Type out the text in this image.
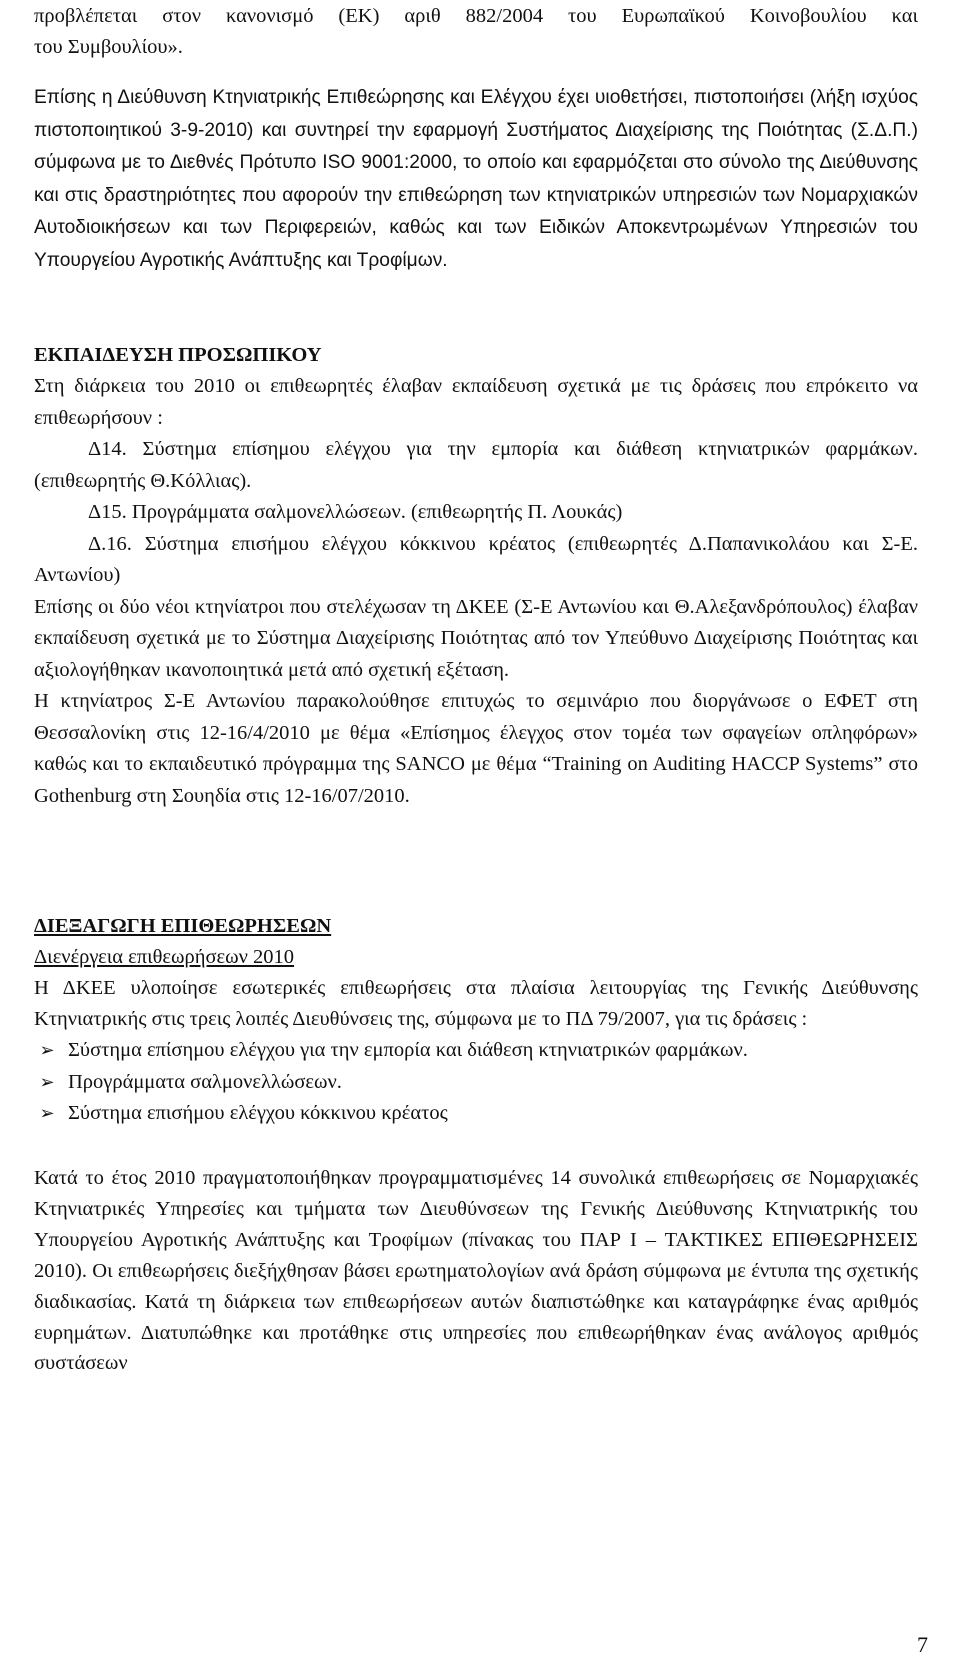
προβλέπεται στον κανονισμό (ΕΚ) αριθ 882/2004 του Ευρωπαϊκού Κοινοβουλίου και

του Συμβουλίου».

Επίσης η Διεύθυνση Κτηνιατρικής Επιθεώρησης και Ελέγχου έχει υιοθετήσει, πιστοποιήσει (λήξη ισχύος πιστοποιητικού 3-9-2010) και συντηρεί την εφαρμογή Συστήματος Διαχείρισης της Ποιότητας (Σ.Δ.Π.) σύμφωνα με το Διεθνές Πρότυπο ISO 9001:2000, το οποίο και εφαρμόζεται στο σύνολο της Διεύθυνσης και στις δραστηριότητες που αφορούν την επιθεώρηση των κτηνιατρικών υπηρεσιών των Νομαρχιακών Αυτοδιοικήσεων και των Περιφερειών, καθώς και των Ειδικών Αποκεντρωμένων Υπηρεσιών του Υπουργείου Αγροτικής Ανάπτυξης και Τροφίμων.

ΕΚΠΑΙΔΕΥΣΗ ΠΡΟΣΩΠΙΚΟΥ

Στη διάρκεια του 2010 οι επιθεωρητές έλαβαν εκπαίδευση σχετικά με τις δράσεις που επρόκειτο να επιθεωρήσουν :

Δ14. Σύστημα επίσημου ελέγχου για την εμπορία και διάθεση κτηνιατρικών φαρμάκων. (επιθεωρητής Θ.Κόλλιας).

Δ15. Προγράμματα σαλμονελλώσεων. (επιθεωρητής Π. Λουκάς)

Δ.16. Σύστημα επισήμου ελέγχου κόκκινου κρέατος (επιθεωρητές Δ.Παπανικολάου και Σ-Ε. Αντωνίου)

Επίσης οι δύο νέοι κτηνίατροι που στελέχωσαν τη ΔΚΕΕ (Σ-Ε Αντωνίου και Θ.Αλεξανδρόπουλος) έλαβαν εκπαίδευση σχετικά με το Σύστημα Διαχείρισης Ποιότητας από τον Υπεύθυνο Διαχείρισης Ποιότητας και αξιολογήθηκαν ικανοποιητικά μετά από σχετική εξέταση.

Η κτηνίατρος Σ-Ε Αντωνίου παρακολούθησε επιτυχώς το σεμινάριο που διοργάνωσε ο ΕΦΕΤ στη Θεσσαλονίκη στις 12-16/4/2010 με θέμα «Επίσημος έλεγχος στον τομέα των σφαγείων οπληφόρων» καθώς και το εκπαιδευτικό πρόγραμμα της SANCO με θέμα “Training on Auditing HACCP Systems” στο Gothenburg στη Σουηδία στις 12-16/07/2010.

ΔΙΕΞΑΓΩΓΗ ΕΠΙΘΕΩΡΗΣΕΩΝ

Διενέργεια επιθεωρήσεων 2010

Η ΔΚΕΕ υλοποίησε εσωτερικές επιθεωρήσεις στα πλαίσια λειτουργίας της Γενικής Διεύθυνσης Κτηνιατρικής στις τρεις λοιπές Διευθύνσεις της, σύμφωνα με το ΠΔ 79/2007, για τις δράσεις :

➢ Σύστημα επίσημου ελέγχου για την εμπορία και διάθεση κτηνιατρικών φαρμάκων.
➢ Προγράμματα σαλμονελλώσεων.
➢ Σύστημα επισήμου ελέγχου κόκκινου κρέατος

Κατά το έτος 2010 πραγματοποιήθηκαν προγραμματισμένες 14 συνολικά επιθεωρήσεις σε Νομαρχιακές Κτηνιατρικές Υπηρεσίες και τμήματα των Διευθύνσεων της Γενικής Διεύθυνσης Κτηνιατρικής του Υπουργείου Αγροτικής Ανάπτυξης και Τροφίμων (πίνακας του ΠΑΡ Ι – ΤΑΚΤΙΚΕΣ ΕΠΙΘΕΩΡΗΣΕΙΣ 2010). Οι επιθεωρήσεις διεξήχθησαν βάσει ερωτηματολογίων ανά δράση σύμφωνα με έντυπα της σχετικής διαδικασίας. Κατά τη διάρκεια των επιθεωρήσεων αυτών διαπιστώθηκε και καταγράφηκε ένας αριθμός ευρημάτων. Διατυπώθηκε και προτάθηκε στις υπηρεσίες που επιθεωρήθηκαν ένας ανάλογος αριθμός συστάσεων

7
